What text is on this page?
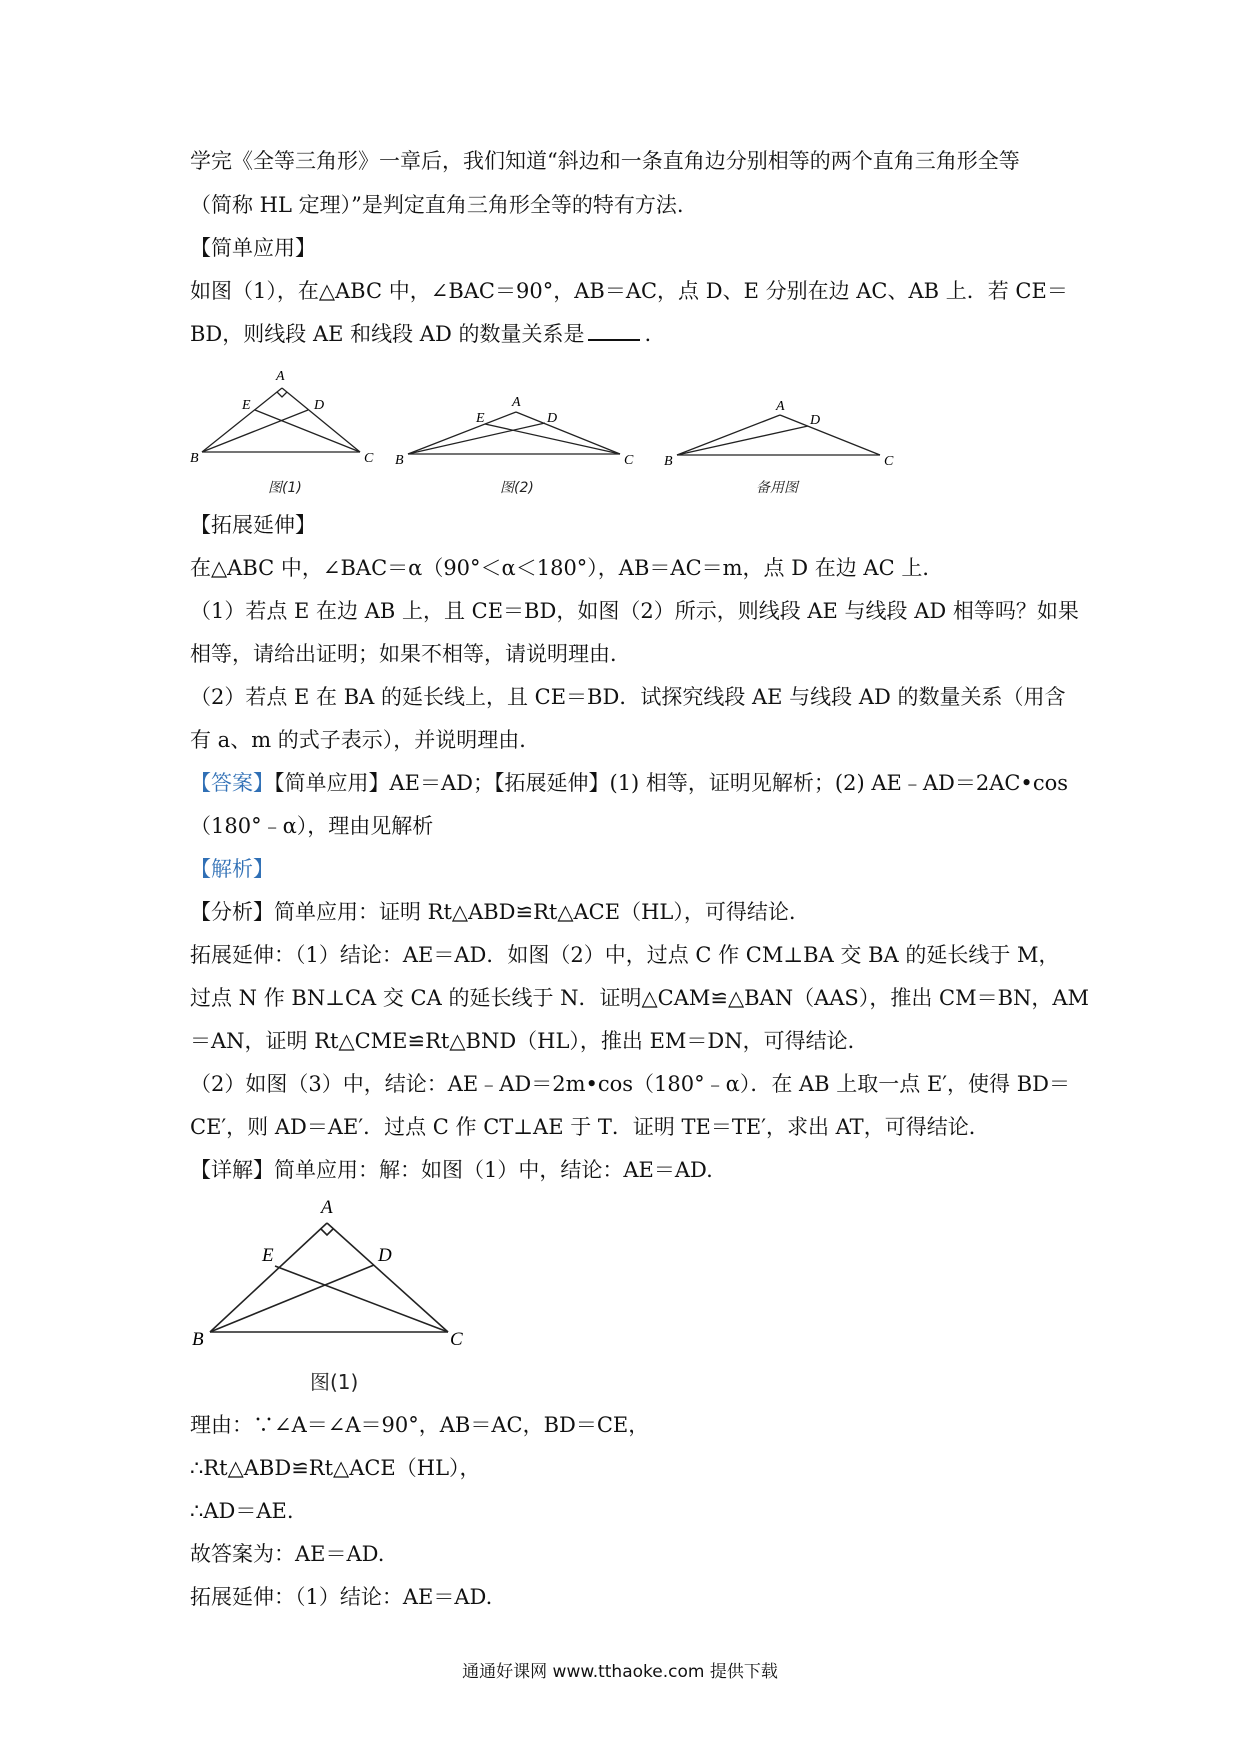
学完《全等三角形》一章后，我们知道“斜边和一条直角边分别相等的两个直角三角形全等
（简称 HL 定理）”是判定直角三角形全等的特有方法.
【简单应用】
如图（1），在△ABC 中，∠BAC＝90°，AB＝AC，点 D、E 分别在边 AC、AB 上．若 CE＝
BD，则线段 AE 和线段 AD 的数量关系是	.
A
B	C
D
E
图(1)
A
B	C
D
E
图(2)
A
B	C
D
备用图
【拓展延伸】
在△ABC 中，∠BAC＝α（90°＜α＜180°），AB＝AC＝m，点 D 在边 AC 上．
（1）若点 E 在边 AB 上，且 CE＝BD，如图（2）所示，则线段 AE 与线段 AD 相等吗？如果
相等，请给出证明；如果不相等，请说明理由．
（2）若点 E 在 BA 的延长线上，且 CE＝BD．试探究线段 AE 与线段 AD 的数量关系（用含
有 a、m 的式子表示），并说明理由．
【答案】【简单应用】AE＝AD；【拓展延伸】(1) 相等，证明见解析；(2) AE﹣AD＝2AC•cos
（180°﹣α），理由见解析
【解析】
【分析】简单应用：证明 Rt△ABD≌Rt△ACE（HL），可得结论.
拓展延伸：（1）结论：AE＝AD．如图（2）中，过点 C 作 CM⊥BA 交 BA 的延长线于 M，
过点 N 作 BN⊥CA 交 CA 的延长线于 N．证明△CAM≌△BAN（AAS），推出 CM＝BN，AM
＝AN，证明 Rt△CME≌Rt△BND（HL），推出 EM＝DN，可得结论．
（2）如图（3）中，结论：AE﹣AD＝2m•cos（180°﹣α）．在 AB 上取一点 E′，使得 BD＝
CE′，则 AD＝AE′．过点 C 作 CT⊥AE 于 T．证明 TE＝TE′，求出 AT，可得结论．
【详解】简单应用：解：如图（1）中，结论：AE＝AD.
A
B	C
D
E
图(1)
理由：∵∠A＝∠A＝90°，AB＝AC，BD＝CE，
∴Rt△ABD≌Rt△ACE（HL），
∴AD＝AE.
故答案为：AE＝AD.
拓展延伸：（1）结论：AE＝AD.
通通好课网 www.tthaoke.com 提供下载
